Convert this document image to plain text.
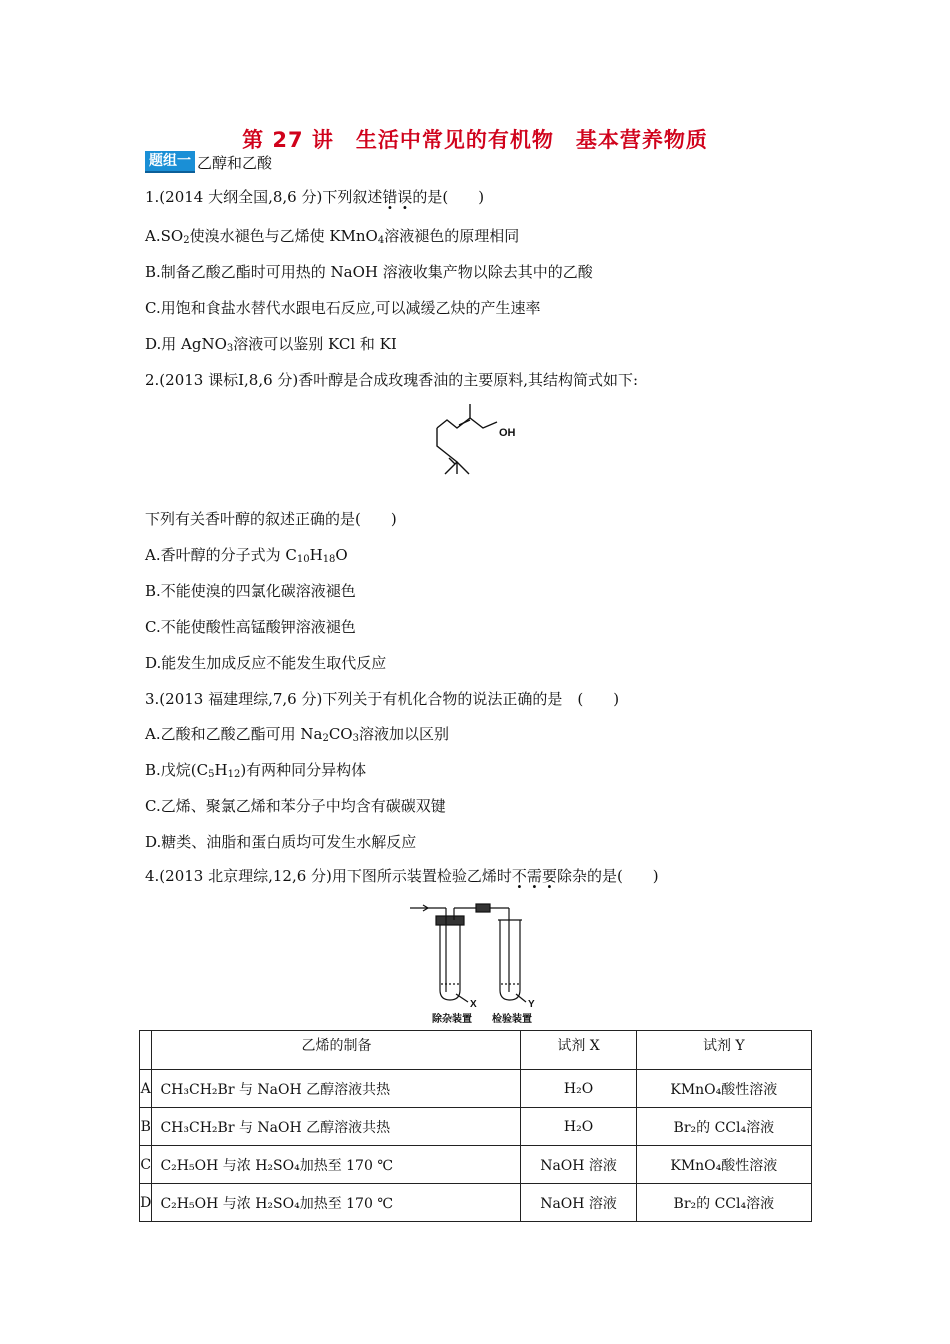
第 27 讲　生活中常见的有机物　基本营养物质
题组一 乙醇和乙酸
1.(2014 大纲全国,8,6 分)下列叙述错误的是(　　)
$A.SO_2$使溴水褪色与乙烯使 KMnO$_4$溶液褪色的原理相同
B.制备乙酸乙酯时可用热的 NaOH 溶液收集产物以除去其中的乙酸
C.用饱和食盐水替代水跟电石反应,可以减缓乙炔的产生速率
D.用 AgNO$_3$溶液可以鉴别 KCl 和 KI
2.(2013 课标Ⅰ,8,6 分)香叶醇是合成玫瑰香油的主要原料,其结构简式如下:
OH
下列有关香叶醇的叙述正确的是(　　)
A.香叶醇的分子式为 $C_{10}H_{18}O$
B.不能使溴的四氯化碳溶液褪色
C.不能使酸性高锰酸钾溶液褪色
D.能发生加成反应不能发生取代反应
3.(2013 福建理综,7,6 分)下列关于有机化合物的说法正确的是　(　　)
A.乙酸和乙酸乙酯可用 $Na_2CO_3$溶液加以区别
B.戊烷$(C_5H_{12})$有两种同分异构体
C.乙烯、聚氯乙烯和苯分子中均含有碳碳双键
D.糖类、油脂和蛋白质均可发生水解反应
4.(2013 北京理综,12,6 分)用下图所示装置检验乙烯时不需要除杂的是(　　)
X	Y
除杂装置 检验装置
	乙烯的制备	试剂 X	试剂 Y
A	CH₃CH₂Br 与 NaOH 乙醇溶液共热	H₂O	KMnO₄酸性溶液
B	CH₃CH₂Br 与 NaOH 乙醇溶液共热	H₂O	Br₂的 CCl₄溶液
C	C₂H₅OH 与浓 H₂SO₄加热至 170 ℃	NaOH 溶液	KMnO₄酸性溶液
D	C₂H₅OH 与浓 H₂SO₄加热至 170 ℃	NaOH 溶液	Br₂的 CCl₄溶液
